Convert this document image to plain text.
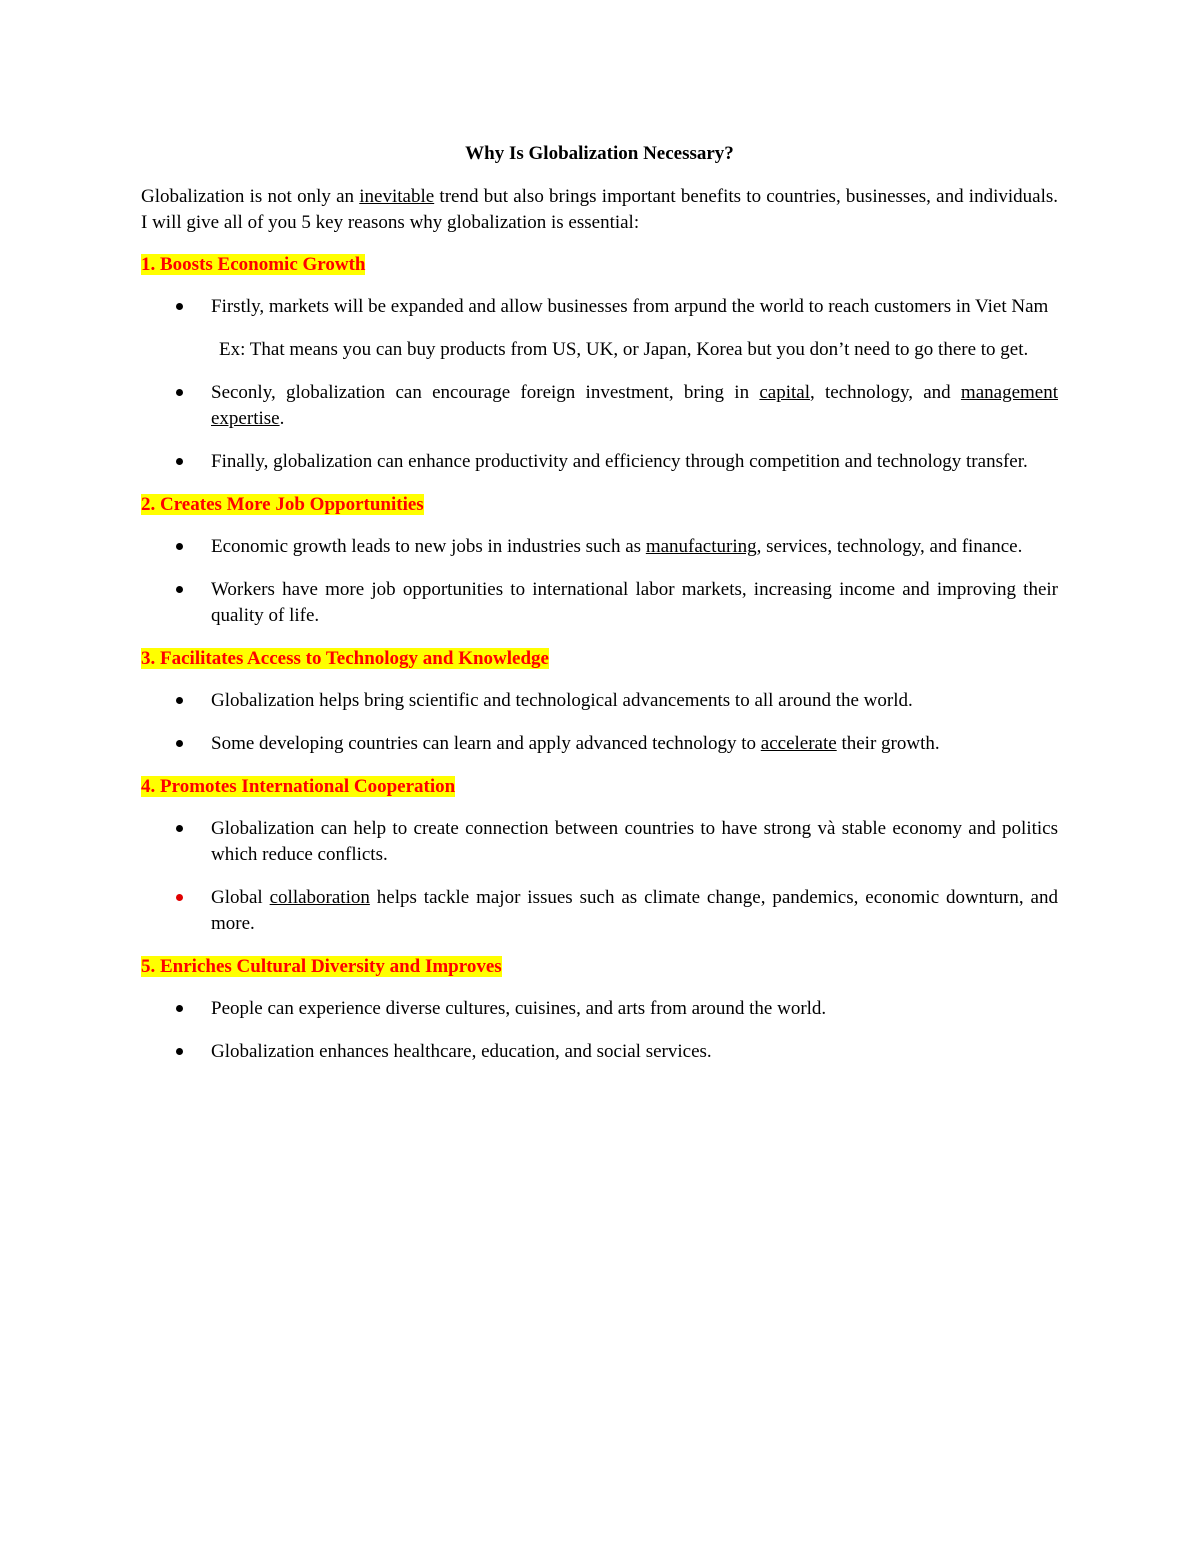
Why Is Globalization Necessary?

Globalization is not only an inevitable trend but also brings important benefits to countries, businesses, and individuals. I will give all of you 5 key reasons why globalization is essential:

1. Boosts Economic Growth
Firstly, markets will be expanded and allow businesses from arpund the world to reach customers in Viet Nam

Ex: That means you can buy products from US, UK, or Japan, Korea but you don’t need to go there to get.

Seconly, globalization can encourage foreign investment, bring in capital, technology, and management expertise.
Finally, globalization can enhance productivity and efficiency through competition and technology transfer.
2. Creates More Job Opportunities
Economic growth leads to new jobs in industries such as manufacturing, services, technology, and finance.
Workers have more job opportunities to international labor markets, increasing income and improving their quality of life.
3. Facilitates Access to Technology and Knowledge
Globalization helps bring scientific and technological advancements to all around the world.
Some developing countries can learn and apply advanced technology to accelerate their growth.
4. Promotes International Cooperation
Globalization can help to create connection between countries to have strong và stable economy and politics which reduce conflicts.
Global collaboration helps tackle major issues such as climate change, pandemics, economic downturn, and more.
5. Enriches Cultural Diversity and Improves
People can experience diverse cultures, cuisines, and arts from around the world.
Globalization enhances healthcare, education, and social services.
